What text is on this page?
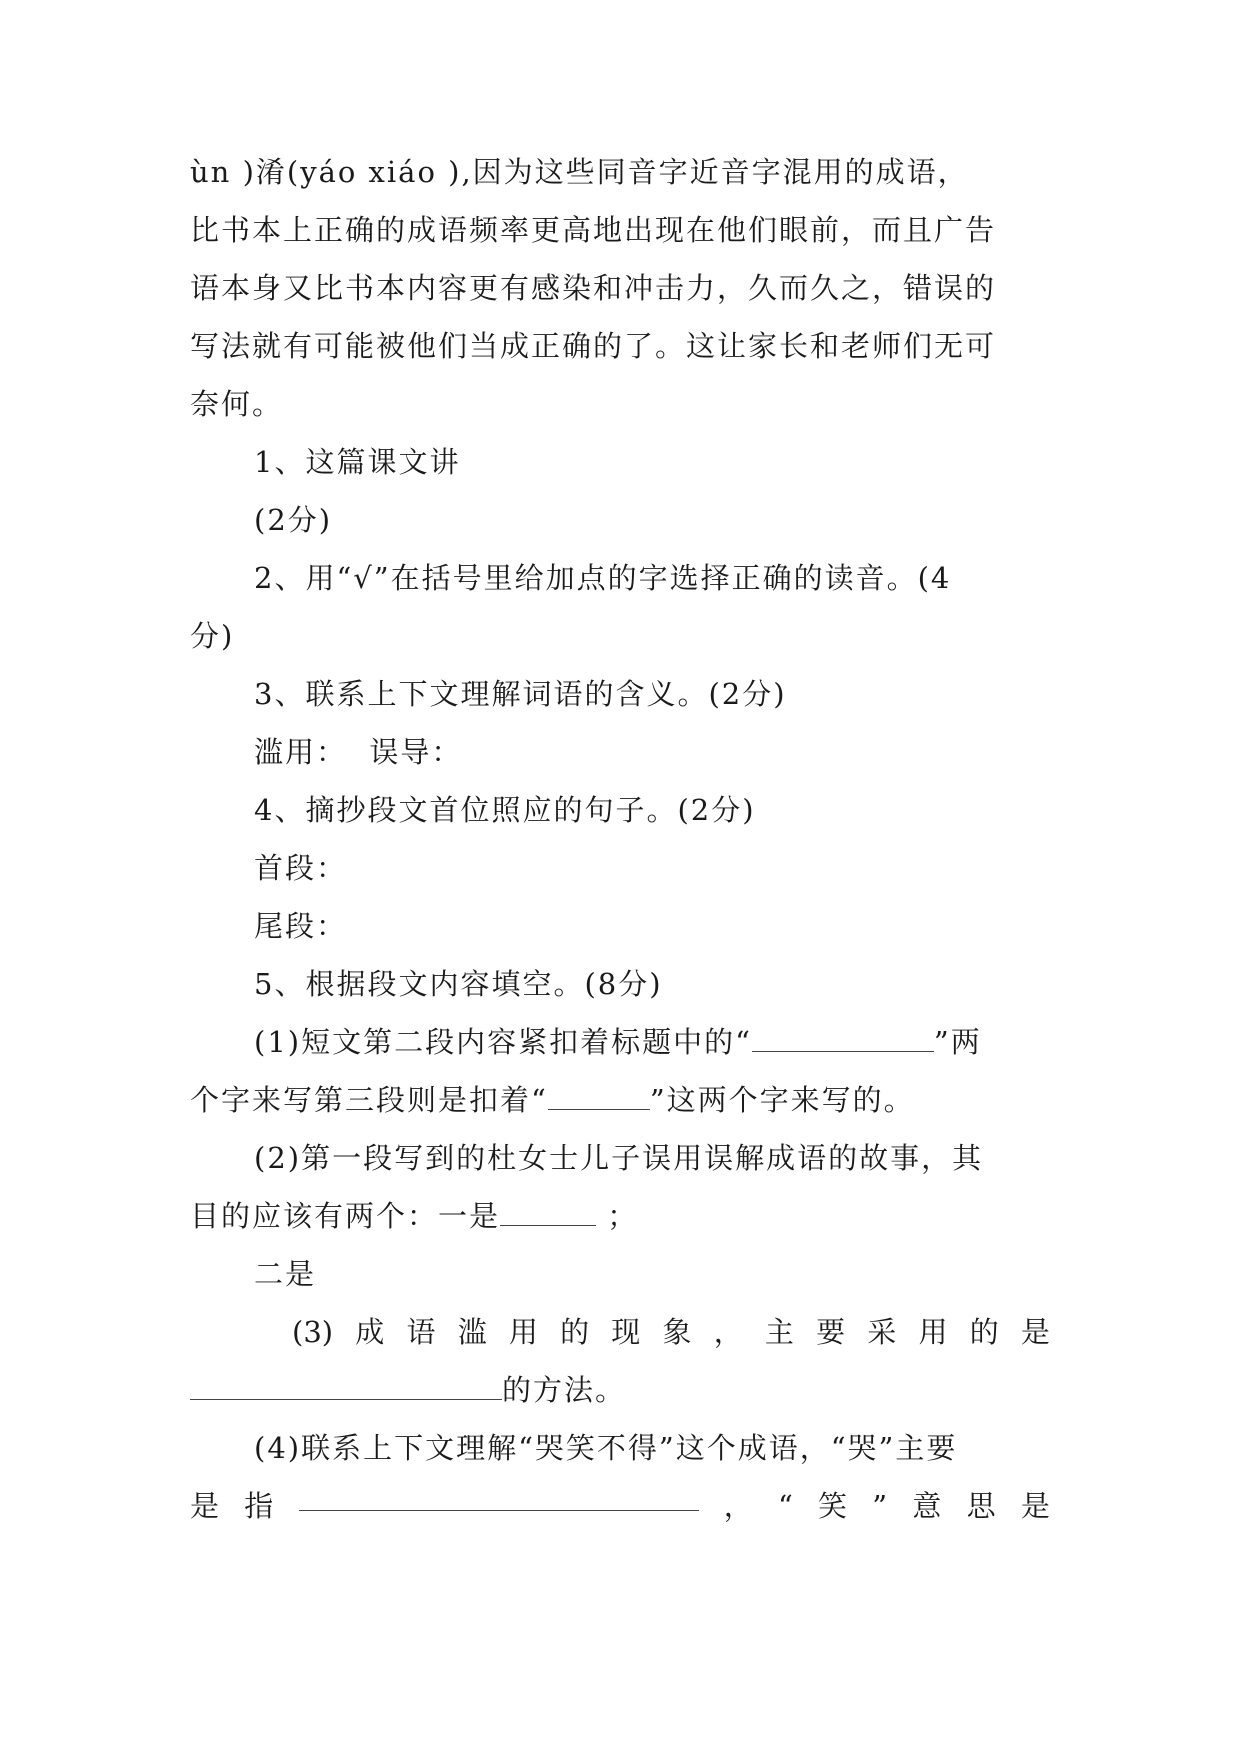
ùn )淆(yáo xiáo ),因为这些同音字近音字混用的成语，
比书本上正确的成语频率更高地出现在他们眼前，而且广告
语本身又比书本内容更有感染和冲击力，久而久之，错误的
写法就有可能被他们当成正确的了。这让家长和老师们无可
奈何。
1、这篇课文讲
(2分)
2、用“√”在括号里给加点的字选择正确的读音。(4
分)
3、联系上下文理解词语的含义。(2分)
滥用：  误导：
4、摘抄段文首位照应的句子。(2分)
首段：
尾段：
5、根据段文内容填空。(8分)
(1)短文第二段内容紧扣着标题中的“	”两
个字来写第三段则是扣着“	”这两个字来写的。
(2)第一段写到的杜女士儿子误用误解成语的故事，其
目的应该有两个：一是	；
二是
(3) 成 语 滥 用 的 现 象 ， 主 要 采 用 的 是
的方法。
(4)联系上下文理解“哭笑不得”这个成语，“哭”主要
是 指	， “ 笑 ” 意 思 是
